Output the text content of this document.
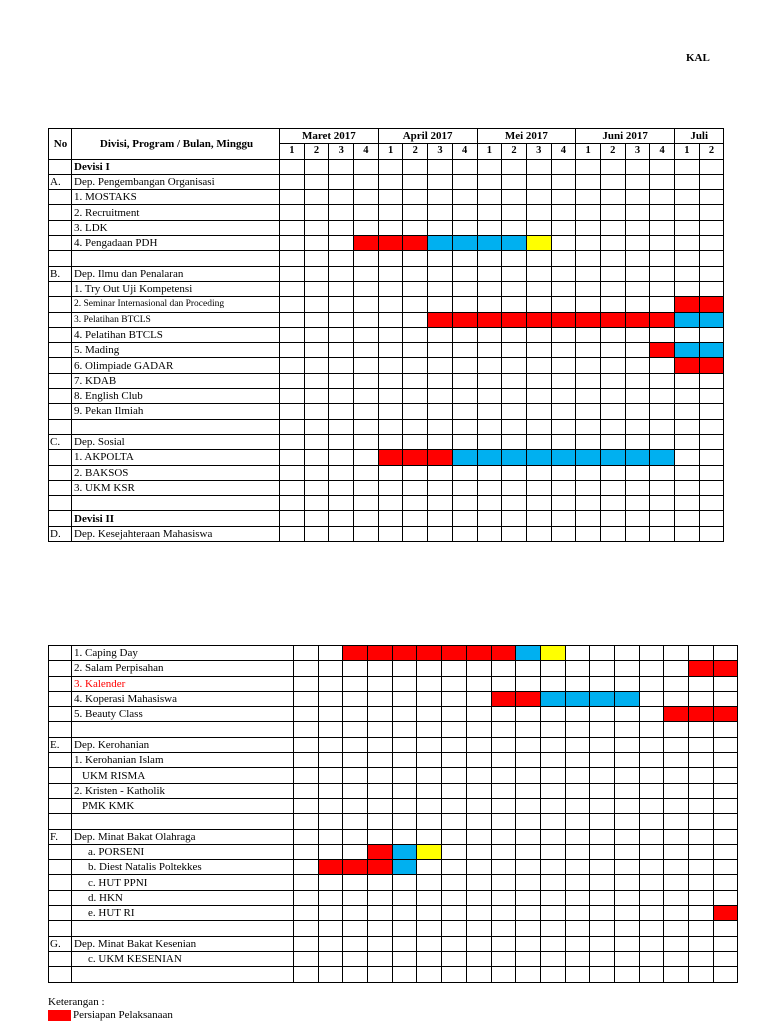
KAL
No	Divisi, Program / Bulan, Minggu	Maret 2017				April 2017				Mei 2017				Juni 2017				Juli	
		1	2	3	4	1	2	3	4	1	2	3	4	1	2	3	4	1	2
	Devisi I																		
A.	Dep. Pengembangan Organisasi																		
	1. MOSTAKS																		
	2. Recruitment																		
	3. LDK																		
	4. Pengadaan PDH																		

B.	Dep. Ilmu dan Penalaran																		
	1. Try Out Uji Kompetensi																		
	2. Seminar Internasional dan Proceding																		
	3. Pelatihan BTCLS																		
	4. Pelatihan BTCLS																		
	5. Mading																		
	6. Olimpiade GADAR																		
	7. KDAB																		
	8. English Club																		
	9. Pekan Ilmiah																		

C.	Dep. Sosial																		
	1. AKPOLTA																		
	2. BAKSOS																		
	3. UKM KSR																		

	Devisi II																		
D.	Dep. Kesejahteraan Mahasiswa																		
	1. Caping Day																		
	2. Salam Perpisahan																		
	3. Kalender																		
	4. Koperasi Mahasiswa																		
	5. Beauty Class																		

E.	Dep. Kerohanian																		
	1. Kerohanian Islam																		
	UKM RISMA																		
	2. Kristen - Katholik																		
	PMK KMK																		

F.	Dep. Minat Bakat Olahraga																		
	a. PORSENI																		
	b. Diest Natalis Poltekkes																		
	c. HUT PPNI																		
	d. HKN																		
	e. HUT RI																		

G.	Dep. Minat Bakat Kesenian																		
	c. UKM KESENIAN																		

Keterangan :
Persiapan Pelaksanaan
